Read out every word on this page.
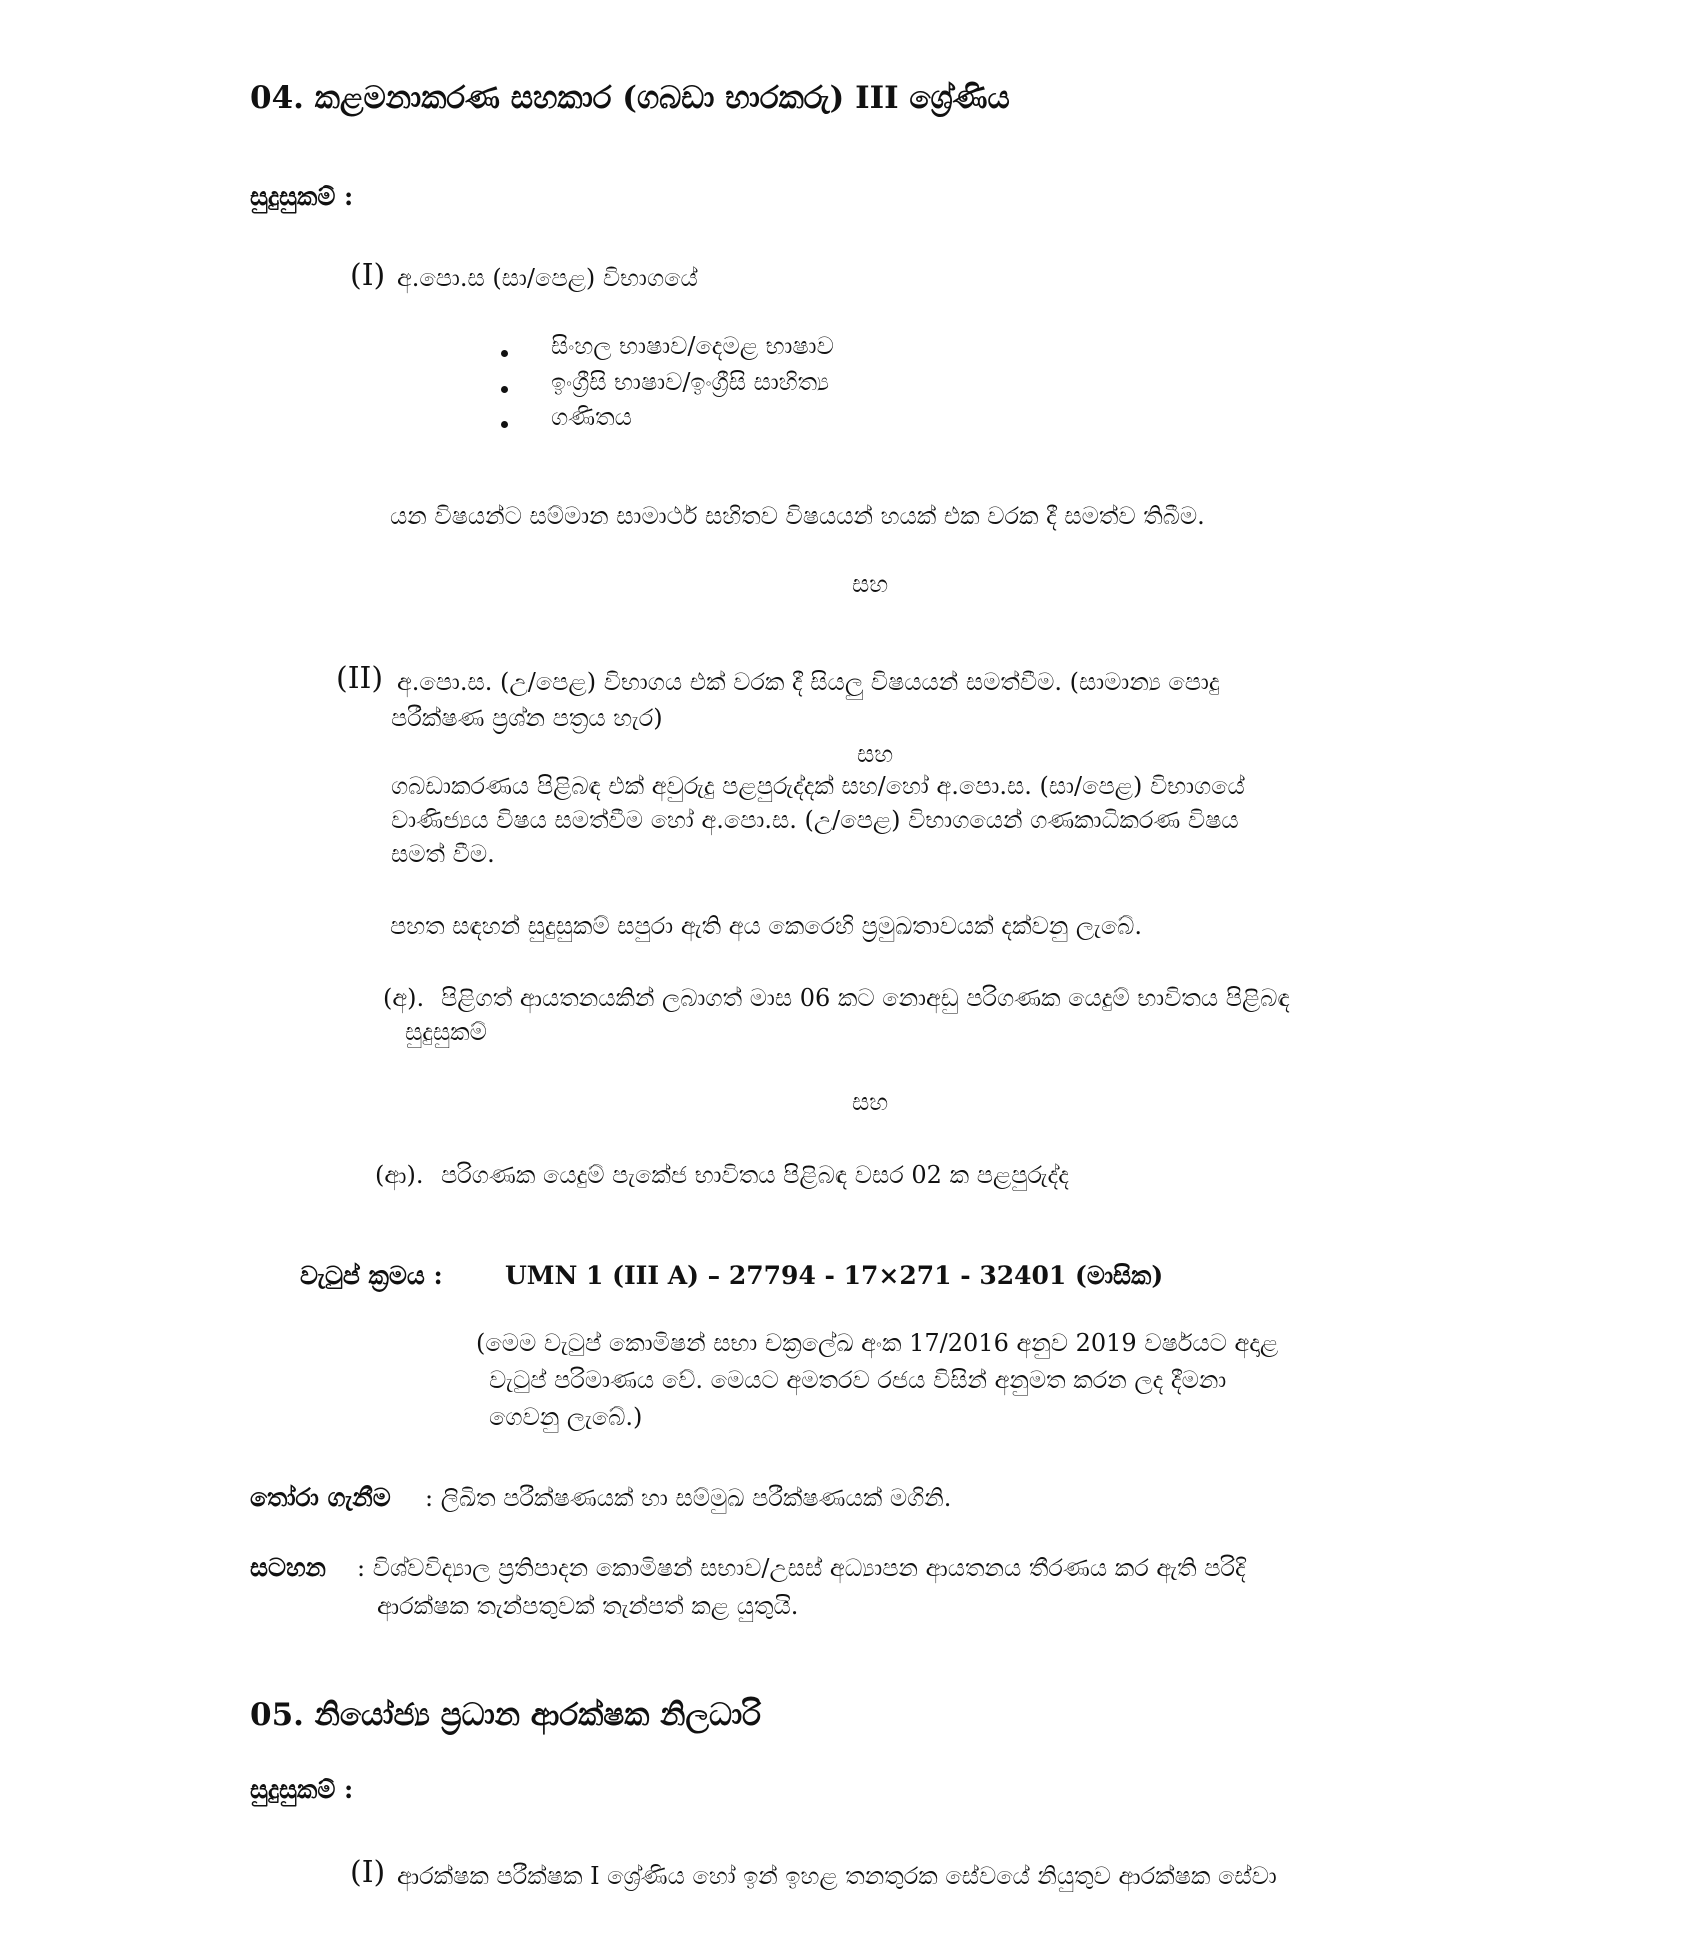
04. කළමනාකරණ සහකාර (ගබඩා භාරකරු) III ශ්‍රේණිය
සුදුසුකම් :
(I) අ.පො.ස (සා/පෙළ) විභාගයේ
සිංහල භාෂාව/දෙමළ භාෂාව
ඉංග්‍රීසි භාෂාව/ඉංග්‍රීසි සාහිත්‍ය
ගණිතය
යන විෂයන්ට සම්මාන සාමාර්ථ සහිතව විෂයයන් හයක් එක වරක දී සමත්ව තිබීම.
සහ
(II) අ.පො.ස. (උ/පෙළ) විභාගය එක් වරක දී සියලු විෂයයන් සමත්වීම. (සාමාන්‍ය පොදු
පරීක්ෂණ ප්‍රශ්න පත්‍රය හැර)
සහ
ගබඩාකරණය පිළිබඳ එක් අවුරුදු පළපුරුද්දක් සහ/හෝ අ.පො.ස. (සා/පෙළ) විභාගයේ
වාණිජ්‍යය විෂය සමත්වීම හෝ අ.පො.ස. (උ/පෙළ) විභාගයෙන් ගණකාධිකරණ විෂය
සමත් වීම.
පහත සඳහන් සුදුසුකම් සපුරා ඇති අය කෙරෙහි ප්‍රමුඛතාවයක් දක්වනු ලැබේ.
(අ). පිළිගත් ආයතනයකින් ලබාගත් මාස 06 කට නොඅඩු පරිගණක යෙදුම් භාවිතය පිළිබඳ
සුදුසුකම්
සහ
(ආ). පරිගණක යෙදුම් පැකේජ භාවිතය පිළිබඳ වසර 02 ක පළපුරුද්ද
වැටුප් ක්‍රමය : UMN 1 (III A) – 27794 - 17×271 - 32401 (මාසික)
(මෙම වැටුප් කොමිෂන් සභා චක්‍රලේඛ අංක 17/2016 අනුව 2019 වර්ෂයට අදාළ
වැටුප් පරිමාණය වේ. මෙයට අමතරව රජය විසින් අනුමත කරන ලද දීමනා
ගෙවනු ලැබේ.)
තෝරා ගැනීම : ලිඛිත පරීක්ෂණයක් හා සම්මුඛ පරීක්ෂණයක් මගිනි.
සටහන : විශ්වවිද්‍යාල ප්‍රතිපාදන කොමිෂන් සභාව/උසස් අධ්‍යාපන ආයතනය තීරණය කර ඇති පරිදි
ආරක්ෂක තැන්පතුවක් තැන්පත් කළ යුතුයි.
05. නියෝජ්‍ය ප්‍රධාන ආරක්ෂක නිලධාරි
සුදුසුකම් :
(I) ආරක්ෂක පරීක්ෂක I ශ්‍රේණිය හෝ ඉන් ඉහළ තනතුරක සේවයේ නියුතුව ආරක්ෂක සේවා
